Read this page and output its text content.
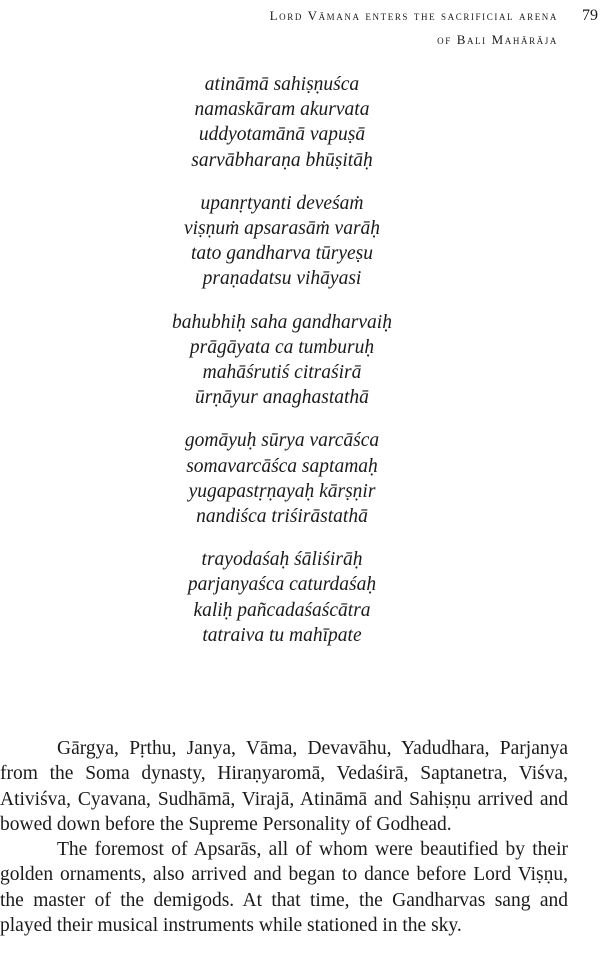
Lord Vāmana enters the sacrificial arena
of Bali Mahārāja
79
atināmā sahiṣṇuśca
namaskāram akurvata
uddyotamānā vapuṣā
sarvābharaṇa bhūṣitāḥ
upanṛtyanti deveśaṁ
viṣṇuṁ apsarasāṁ varāḥ
tato gandharva tūryeṣu
praṇadatsu vihāyasi
bahubhiḥ saha gandharvaiḥ
prāgāyata ca tumburuḥ
mahāśrutiś citraśirā
ūrṇāyur anaghastathā
gomāyuḥ sūrya varcāśca
somavarcāśca saptamaḥ
yugapastṛṇayaḥ kārṣṇir
nandiśca triśirāstathā
trayodaśaḥ śāliśirāḥ
parjanyaśca caturdaśaḥ
kaliḥ pañcadaśaścātra
tatraiva tu mahīpate

Gārgya, Pṛthu, Janya, Vāma, Devavāhu, Yadudhara, Parjanya from the Soma dynasty, Hiraṇyaromā, Vedaśirā, Saptanetra, Viśva, Ativiśva, Cyavana, Sudhāmā, Virajā, Atināmā and Sahiṣṇu arrived and bowed down before the Supreme Personality of Godhead.

The foremost of Apsarās, all of whom were beautified by their golden ornaments, also arrived and began to dance before Lord Viṣṇu, the master of the demigods. At that time, the Gandharvas sang and played their musical instruments while stationed in the sky.
